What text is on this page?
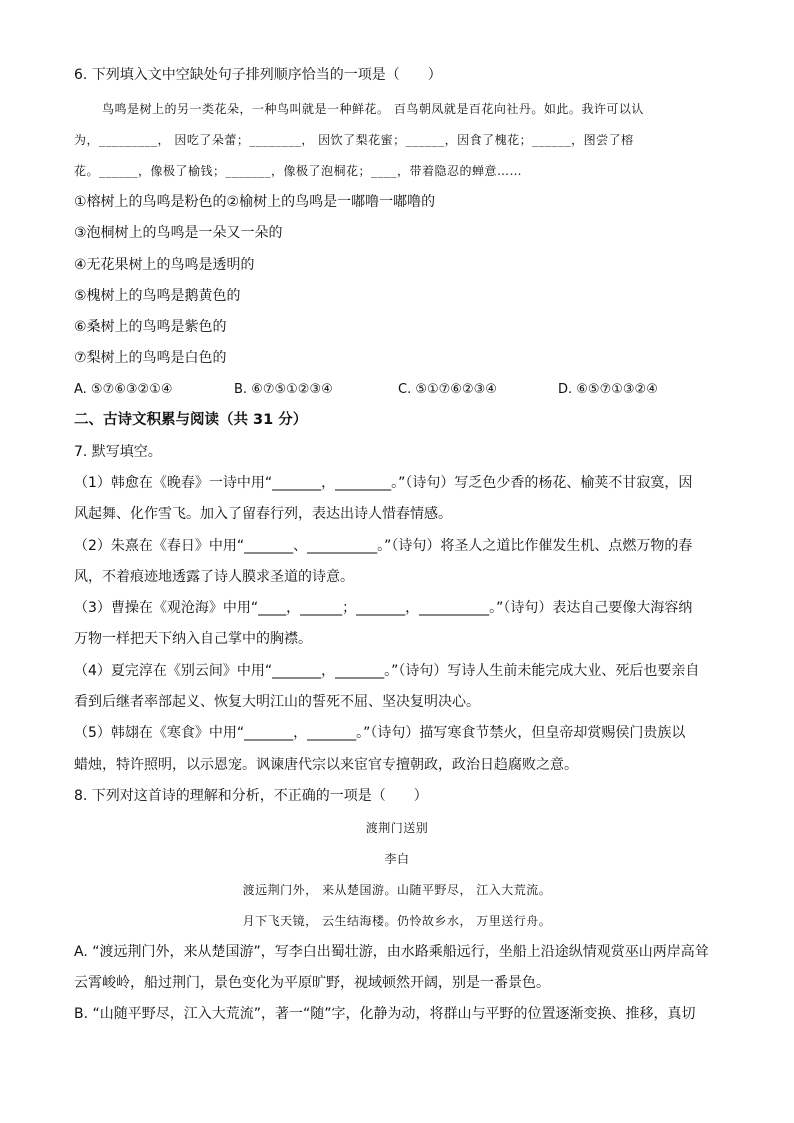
6. 下列填入文中空缺处句子排列顺序恰当的一项是（　　）
鸟鸣是树上的另一类花朵，一种鸟叫就是一种鲜花。 百鸟朝凤就是百花向社丹。如此。我许可以认
为，_________， 因吃了朵蕾；________， 因饮了梨花蜜；______，因食了槐花；______，图尝了榕
花。______，像极了榆钱；_______，像极了泡桐花；____，带着隐忍的蝉意……
①榕树上的鸟鸣是粉色的②榆树上的鸟鸣是一嘟噜一嘟噜的
③泡桐树上的鸟鸣是一朵又一朵的
④无花果树上的鸟鸣是透明的
⑤槐树上的鸟鸣是鹅黄色的
⑥桑树上的鸟鸣是紫色的
⑦梨树上的鸟鸣是白色的
A. ⑤⑦⑥③②①④	B. ⑥⑦⑤①②③④	C. ⑤①⑦⑥②③④	D. ⑥⑤⑦①③②④
二、古诗文积累与阅读（共 31 分）
7. 默写填空。
（1）韩愈在《晚春》一诗中用“_______，________。”（诗句）写乏色少香的杨花、榆荚不甘寂寞，因
风起舞、化作雪飞。加入了留春行列，表达出诗人惜春情感。
（2）朱熹在《春日》中用“_______、__________。”（诗句）将圣人之道比作催发生机、点燃万物的春
风，不着痕迹地透露了诗人膜求圣道的诗意。
（3）曹操在《观沧海》中用“____，______；_______，__________。”（诗句）表达自己要像大海容纳
万物一样把天下纳入自己掌中的胸襟。
（4）夏完淳在《别云间》中用“_______，_______。”（诗句）写诗人生前未能完成大业、死后也要亲自
看到后继者率部起义、恢复大明江山的誓死不屈、坚决复明决心。
（5）韩翃在《寒食》中用“_______，_______。”（诗句）描写寒食节禁火，但皇帝却赏赐侯门贵族以
蜡烛，特许照明，以示恩宠。讽谏唐代宗以来宦官专擅朝政，政治日趋腐败之意。
8. 下列对这首诗的理解和分析，不正确的一项是（　　）
渡荆门送别
李白
渡远荆门外， 来从楚国游。山随平野尽， 江入大荒流。
月下飞天镜， 云生结海楼。仍怜故乡水， 万里送行舟。
A. “渡远荆门外，来从楚国游”，写李白出蜀壮游，由水路乘船远行，坐船上沿途纵情观赏巫山两岸高耸
云霄峻岭，船过荆门，景色变化为平原旷野，视域顿然开阔，别是一番景色。
B. “山随平野尽，江入大荒流”，著一“随”字，化静为动，将群山与平野的位置逐渐变换、推移，真切
